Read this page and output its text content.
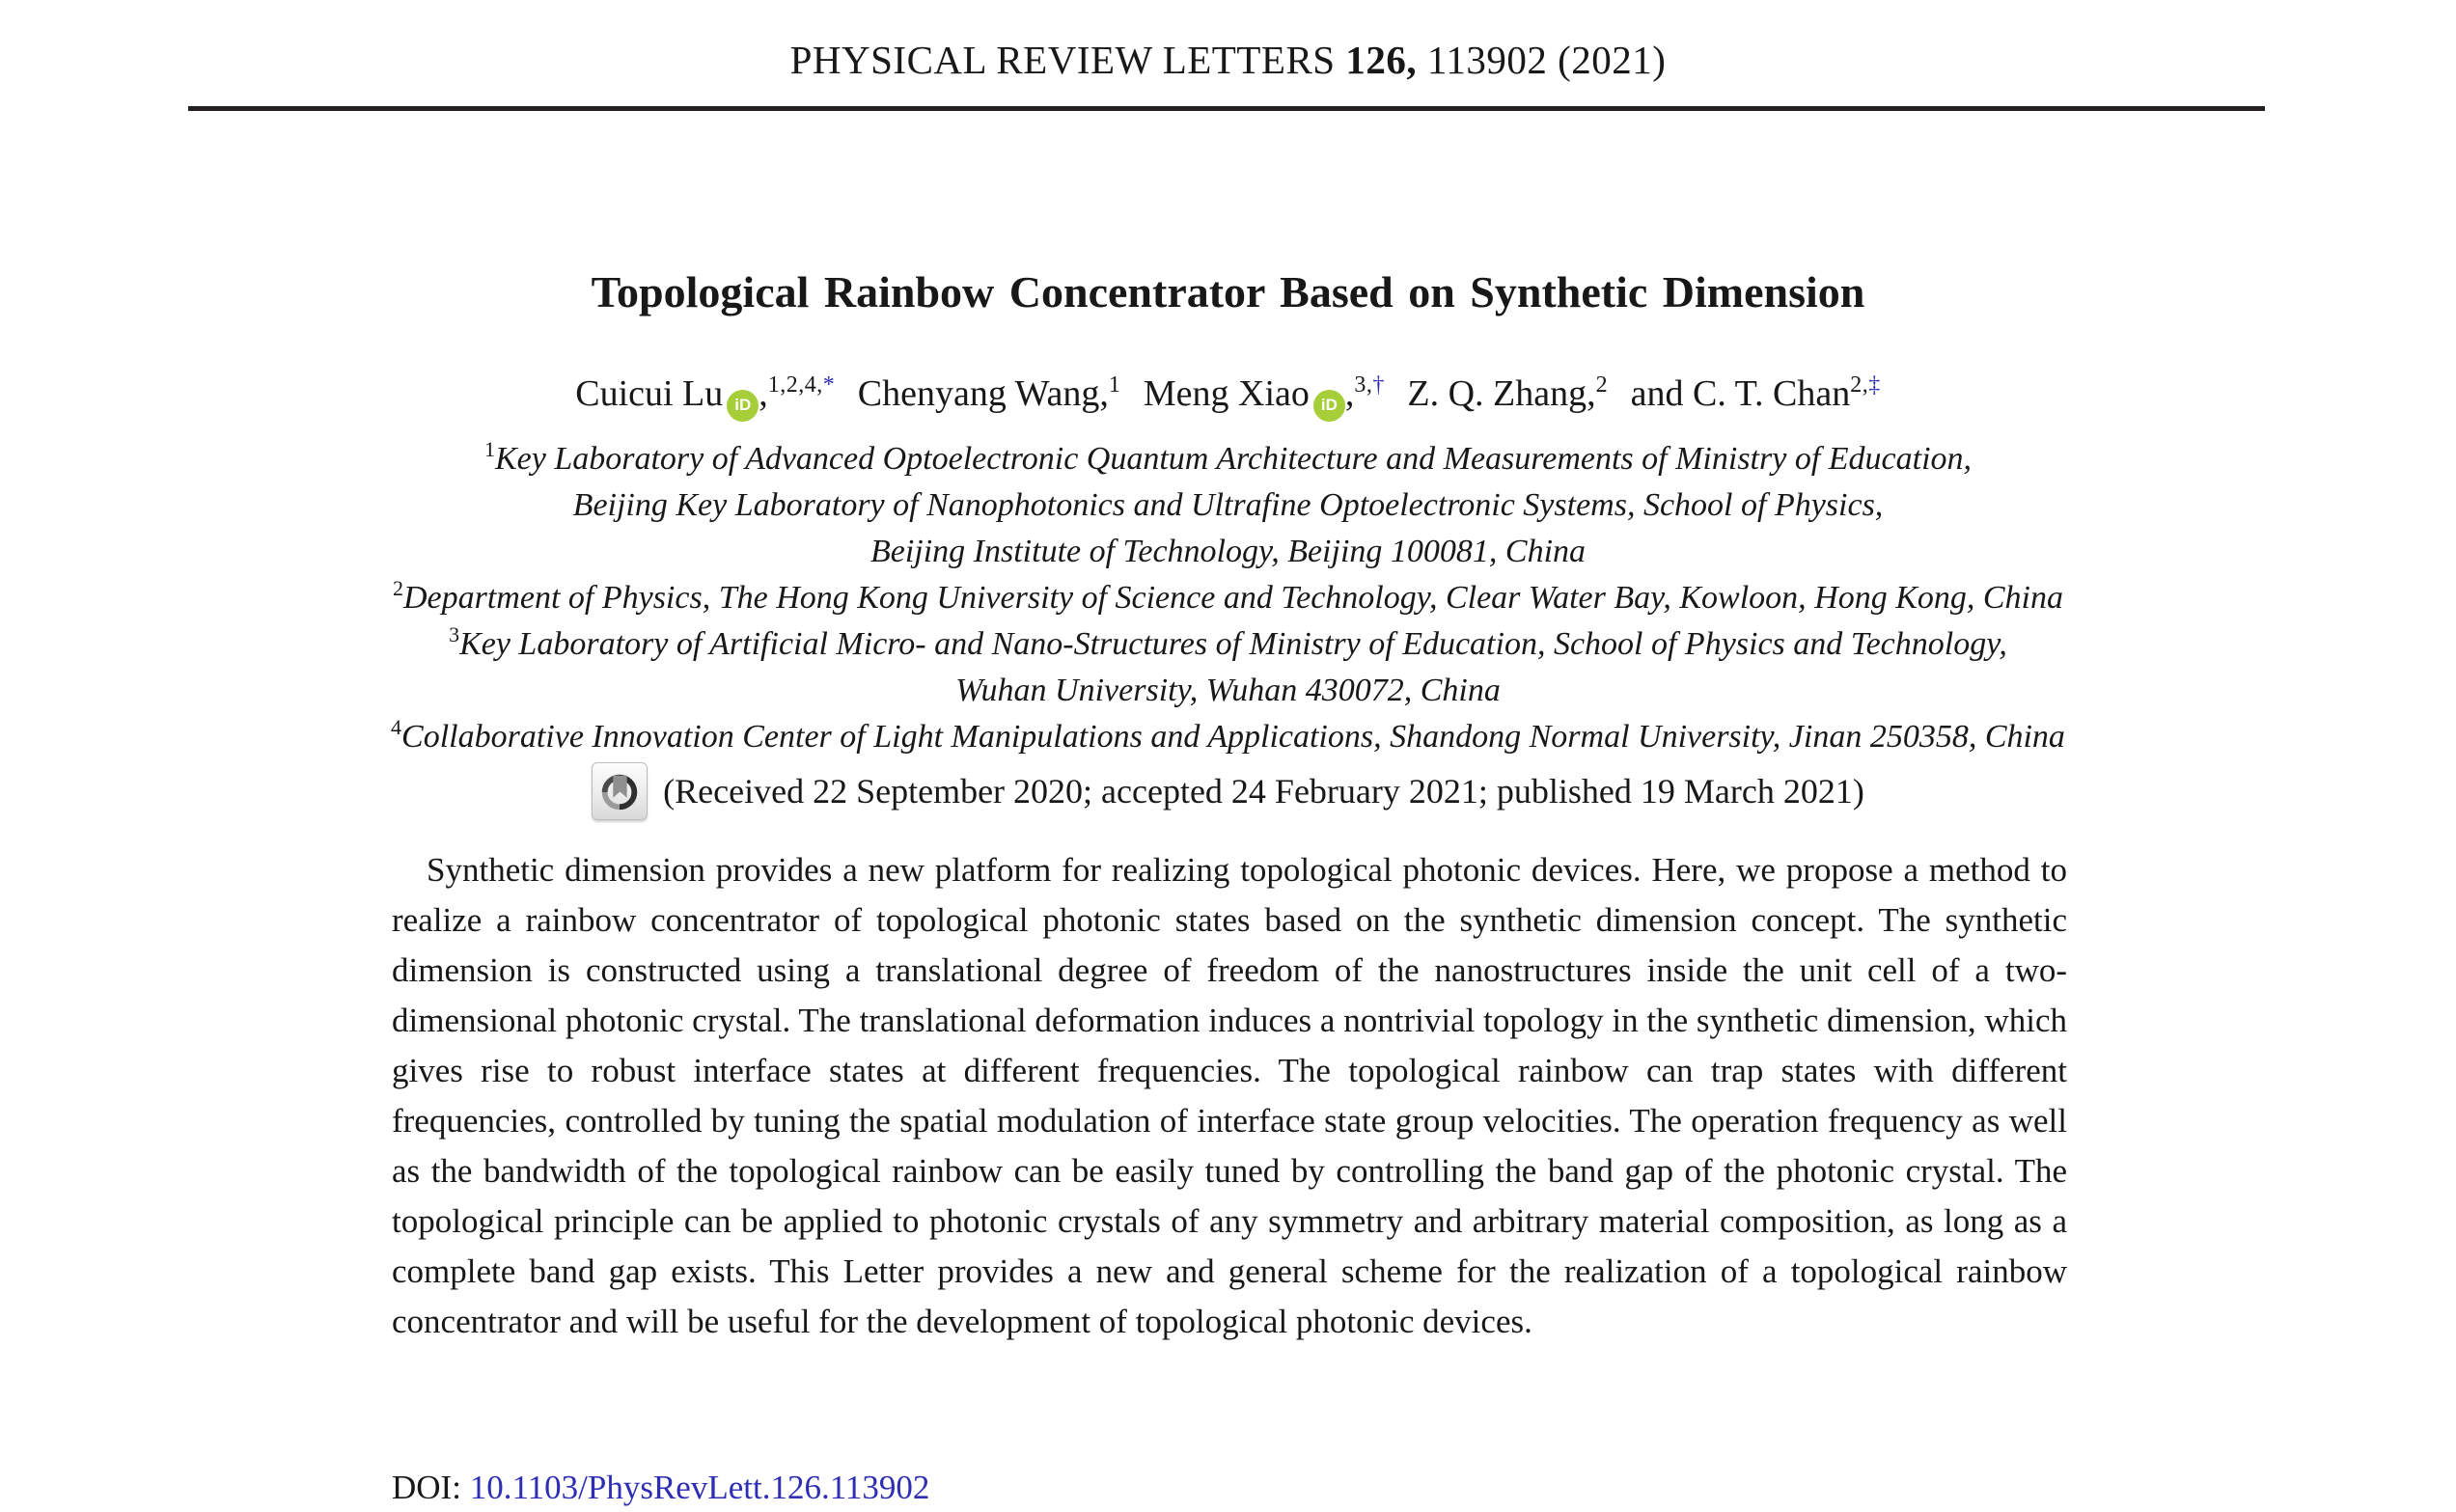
PHYSICAL REVIEW LETTERS 126, 113902 (2021)
Topological Rainbow Concentrator Based on Synthetic Dimension
Cuicui Lu iD ,$^{1,2,4,*}$ Chenyang Wang,$^1$ Meng Xiao iD ,$^{3,\dagger}$ Z. Q. Zhang,$^2$ and C. T. Chan$^{2,\ddagger}$
$^1$Key Laboratory of Advanced Optoelectronic Quantum Architecture and Measurements of Ministry of Education,
Beijing Key Laboratory of Nanophotonics and Ultrafine Optoelectronic Systems, School of Physics,
Beijing Institute of Technology, Beijing 100081, China
$^2$Department of Physics, The Hong Kong University of Science and Technology, Clear Water Bay, Kowloon, Hong Kong, China
$^3$Key Laboratory of Artificial Micro- and Nano-Structures of Ministry of Education, School of Physics and Technology,
Wuhan University, Wuhan 430072, China
$^4$Collaborative Innovation Center of Light Manipulations and Applications, Shandong Normal University, Jinan 250358, China
(Received 22 September 2020; accepted 24 February 2021; published 19 March 2021)

Synthetic dimension provides a new platform for realizing topological photonic devices. Here, we propose a method to realize a rainbow concentrator of topological photonic states based on the synthetic dimension concept. The synthetic dimension is constructed using a translational degree of freedom of the nanostructures inside the unit cell of a two-dimensional photonic crystal. The translational deformation induces a nontrivial topology in the synthetic dimension, which gives rise to robust interface states at different frequencies. The topological rainbow can trap states with different frequencies, controlled by tuning the spatial modulation of interface state group velocities. The operation frequency as well as the bandwidth of the topological rainbow can be easily tuned by controlling the band gap of the photonic crystal. The topological principle can be applied to photonic crystals of any symmetry and arbitrary material composition, as long as a complete band gap exists. This Letter provides a new and general scheme for the realization of a topological rainbow concentrator and will be useful for the development of topological photonic devices.

DOI: 10.1103/PhysRevLett.126.113902
